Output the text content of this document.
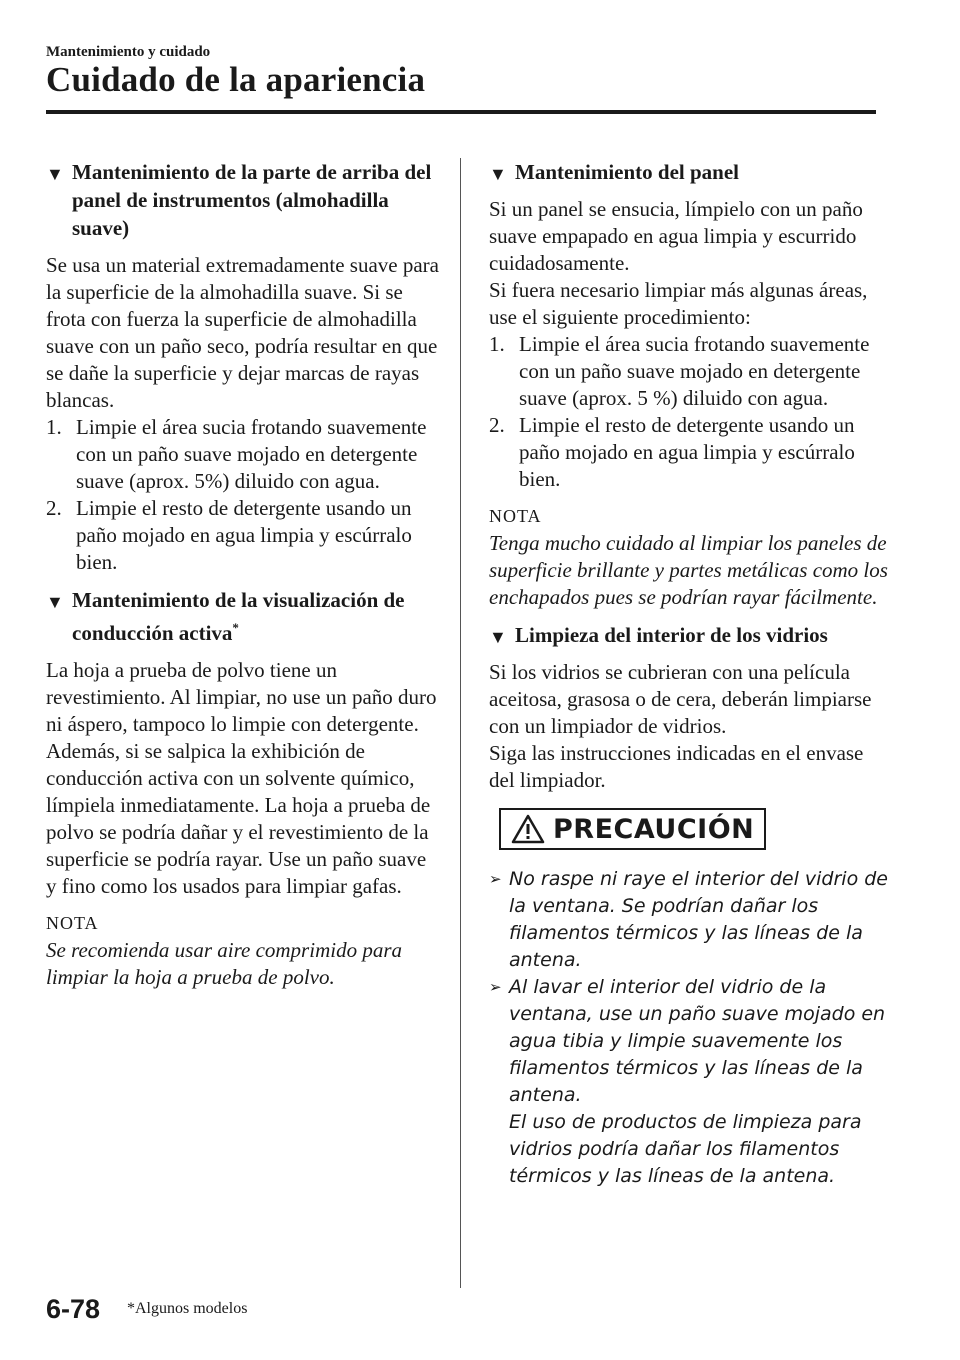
Mantenimiento y cuidado
Cuidado de la apariencia
▼ Mantenimiento de la parte de arriba del panel de instrumentos (almohadilla suave)

Se usa un material extremadamente suave para la superficie de la almohadilla suave. Si se frota con fuerza la superficie de almohadilla suave con un paño seco, podría resultar en que se dañe la superficie y dejar marcas de rayas blancas.

1. Limpie el área sucia frotando suavemente con un paño suave mojado en detergente suave (aprox. 5%) diluido con agua.
2. Limpie el resto de detergente usando un paño mojado en agua limpia y escúrralo bien.
▼ Mantenimiento de la visualización de conducción activa*

La hoja a prueba de polvo tiene un revestimiento. Al limpiar, no use un paño duro ni áspero, tampoco lo limpie con detergente. Además, si se salpica la exhibición de conducción activa con un solvente químico, límpiela inmediatamente. La hoja a prueba de polvo se podría dañar y el revestimiento de la superficie se podría rayar. Use un paño suave y fino como los usados para limpiar gafas.

NOTA
Se recomienda usar aire comprimido para limpiar la hoja a prueba de polvo.
▼ Mantenimiento del panel

Si un panel se ensucia, límpielo con un paño suave empapado en agua limpia y escurrido cuidadosamente.

Si fuera necesario limpiar más algunas áreas, use el siguiente procedimiento:

1. Limpie el área sucia frotando suavemente con un paño suave mojado en detergente suave (aprox. 5 %) diluido con agua.
2. Limpie el resto de detergente usando un paño mojado en agua limpia y escúrralo bien.
NOTA
Tenga mucho cuidado al limpiar los paneles de superficie brillante y partes metálicas como los enchapados pues se podrían rayar fácilmente.
▼ Limpieza del interior de los vidrios

Si los vidrios se cubrieran con una película aceitosa, grasosa o de cera, deberán limpiarse con un limpiador de vidrios.

Siga las instrucciones indicadas en el envase del limpiador.

PRECAUCIÓN
➢ No raspe ni raye el interior del vidrio de la ventana. Se podrían dañar los filamentos térmicos y las líneas de la antena.
➢ Al lavar el interior del vidrio de la ventana, use un paño suave mojado en agua tibia y limpie suavemente los filamentos térmicos y las líneas de la antena.
El uso de productos de limpieza para vidrios podría dañar los filamentos térmicos y las líneas de la antena.
6-78 *Algunos modelos
